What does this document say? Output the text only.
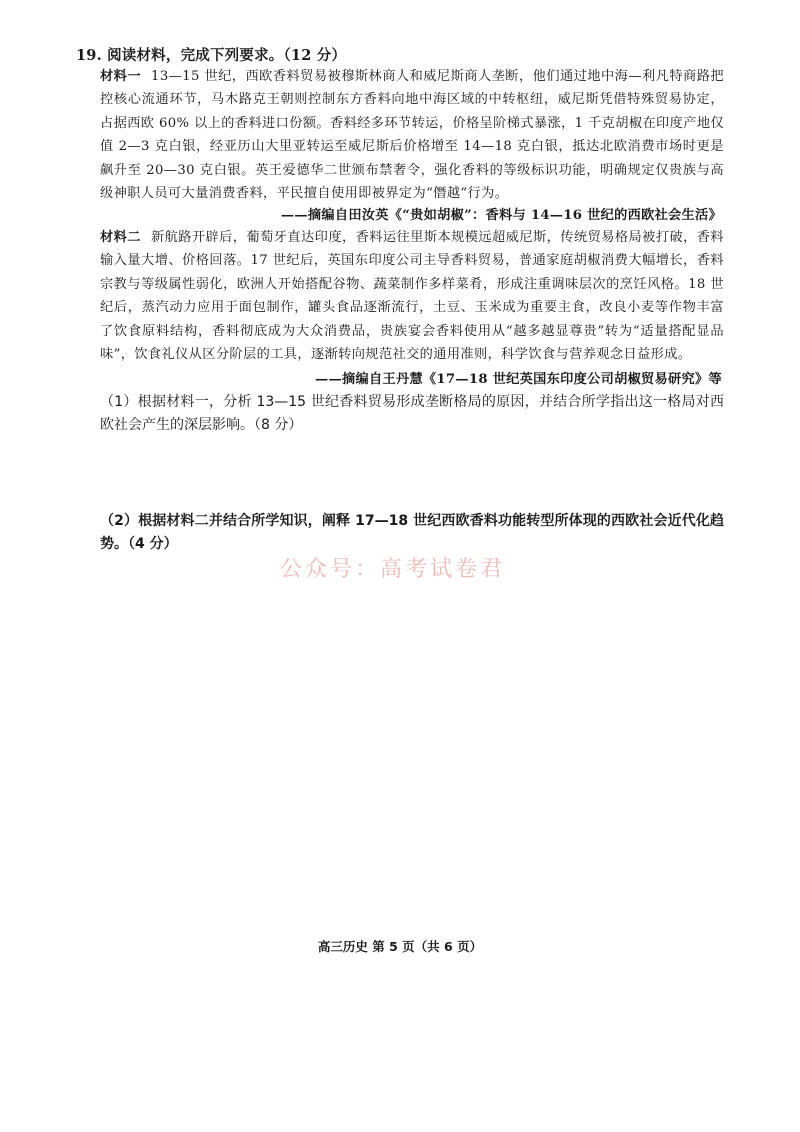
19. 阅读材料，完成下列要求。（12 分）
材料一 13—15 世纪，西欧香料贸易被穆斯林商人和威尼斯商人垄断，他们通过地中海—利凡特商路把控核心流通环节，马木路克王朝则控制东方香料向地中海区域的中转枢纽，威尼斯凭借特殊贸易协定，占据西欧 60% 以上的香料进口份额。香料经多环节转运，价格呈阶梯式暴涨，1 千克胡椒在印度产地仅值 2—3 克白银，经亚历山大里亚转运至威尼斯后价格增至 14—18 克白银，抵达北欧消费市场时更是飙升至 20—30 克白银。英王爱德华二世颁布禁奢令，强化香料的等级标识功能，明确规定仅贵族与高级神职人员可大量消费香料，平民擅自使用即被界定为“僭越”行为。
——摘编自田汝英《“贵如胡椒”：香料与 14—16 世纪的西欧社会生活》
材料二 新航路开辟后，葡萄牙直达印度，香料运往里斯本规模远超威尼斯，传统贸易格局被打破，香料输入量大增、价格回落。17 世纪后，英国东印度公司主导香料贸易，普通家庭胡椒消费大幅增长，香料宗教与等级属性弱化，欧洲人开始搭配谷物、蔬菜制作多样菜肴，形成注重调味层次的烹饪风格。18 世纪后，蒸汽动力应用于面包制作，罐头食品逐渐流行，土豆、玉米成为重要主食，改良小麦等作物丰富了饮食原料结构，香料彻底成为大众消费品，贵族宴会香料使用从“越多越显尊贵”转为“适量搭配显品味”，饮食礼仪从区分阶层的工具，逐渐转向规范社交的通用准则，科学饮食与营养观念日益形成。
——摘编自王丹慧《17—18 世纪英国东印度公司胡椒贸易研究》等
（1）根据材料一，分析 13—15 世纪香料贸易形成垄断格局的原因，并结合所学指出这一格局对西欧社会产生的深层影响。（8 分）
（2）根据材料二并结合所学知识，阐释 17—18 世纪西欧香料功能转型所体现的西欧社会近代化趋势。（4 分）
公众号：高考试卷君
高三历史 第 5 页（共 6 页）
